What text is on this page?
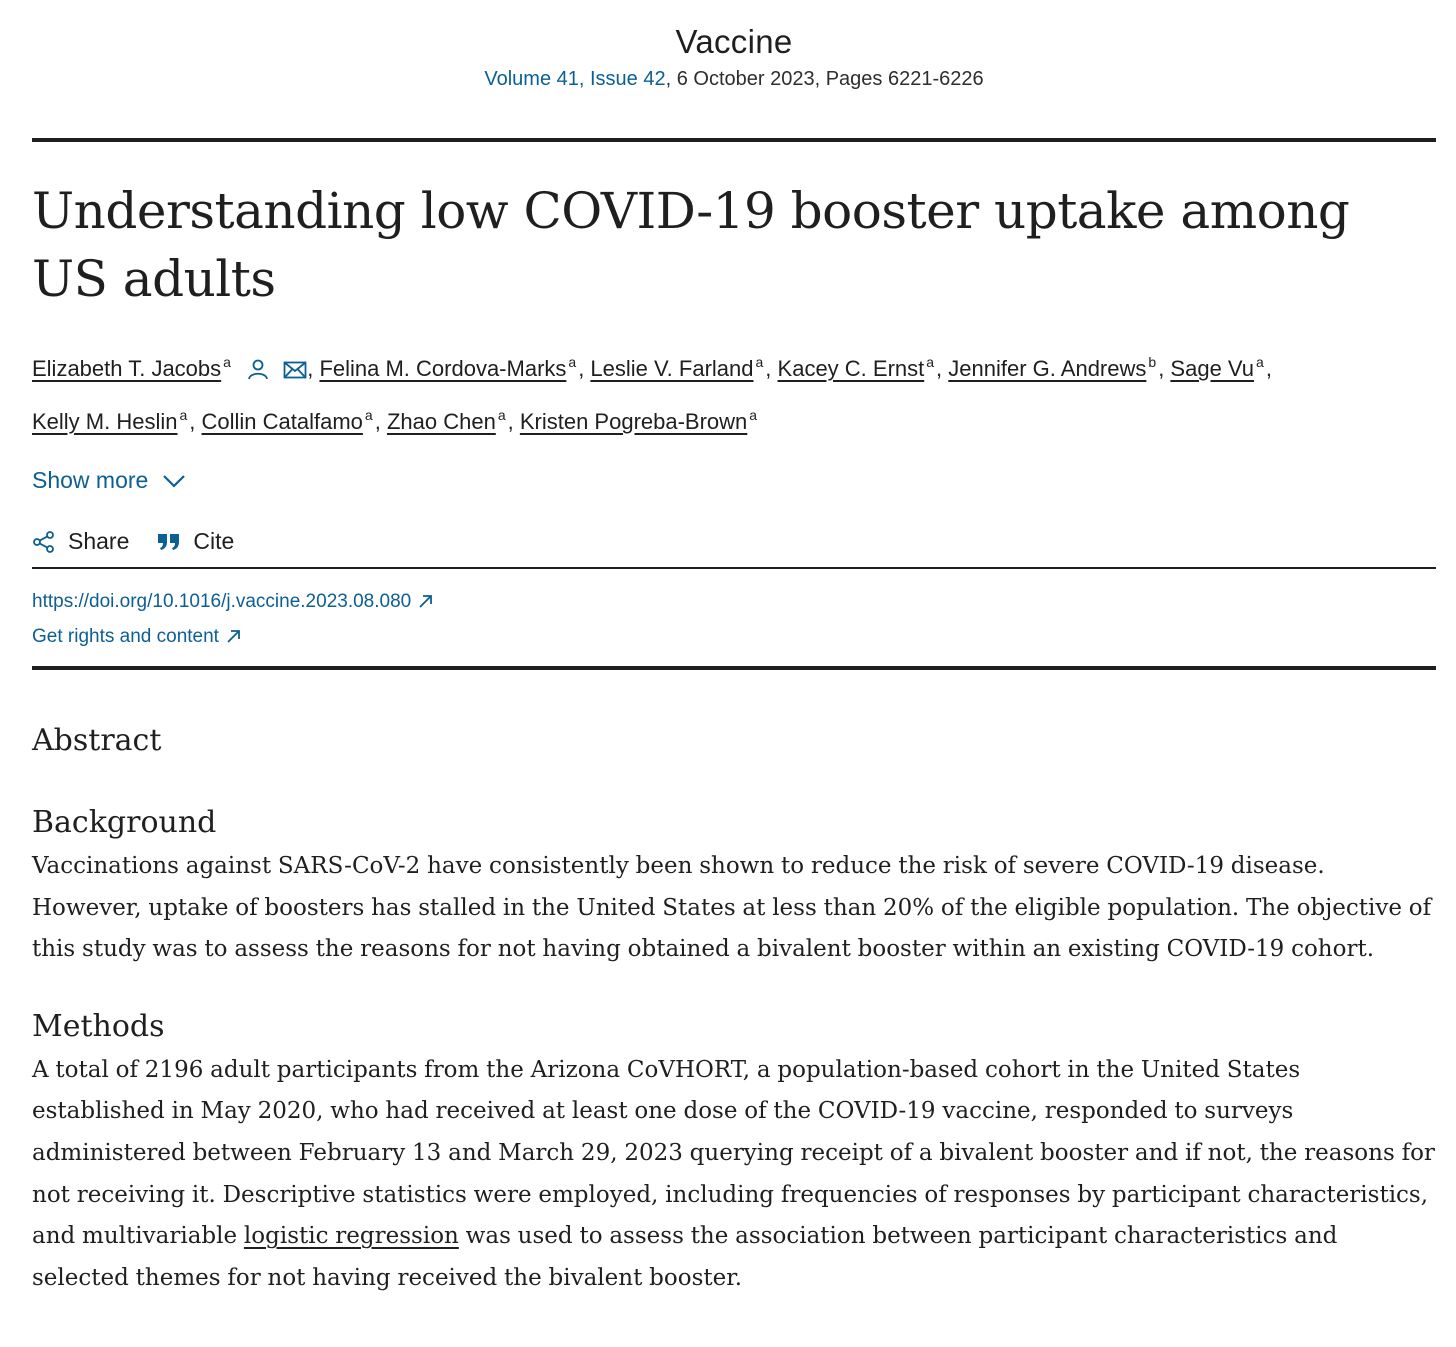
Vaccine
Volume 41, Issue 42, 6 October 2023, Pages 6221-6226
Understanding low COVID-19 booster uptake among US adults
Elizabeth T. Jacobs $^a$	, Felina M. Cordova-Marks $^a$, Leslie V. Farland $^a$, Kacey C. Ernst $^a$, Jennifer G. Andrews $^b$, Sage Vu $^a$,
Kelly M. Heslin $^a$, Collin Catalfamo $^a$, Zhao Chen $^a$, Kristen Pogreba-Brown $^a$
Show more
Share	Cite
https://doi.org/10.1016/j.vaccine.2023.08.080
Get rights and content
Abstract
Background

Vaccinations against SARS-CoV-2 have consistently been shown to reduce the risk of severe COVID-19 disease.
However, uptake of boosters has stalled in the United States at less than 20% of the eligible population. The objective of
this study was to assess the reasons for not having obtained a bivalent booster within an existing COVID-19 cohort.

Methods

A total of 2196 adult participants from the Arizona CoVHORT, a population-based cohort in the United States
established in May 2020, who had received at least one dose of the COVID-19 vaccine, responded to surveys
administered between February 13 and March 29, 2023 querying receipt of a bivalent booster and if not, the reasons for
not receiving it. Descriptive statistics were employed, including frequencies of responses by participant characteristics,
and multivariable logistic regression was used to assess the association between participant characteristics and
selected themes for not having received the bivalent booster.
